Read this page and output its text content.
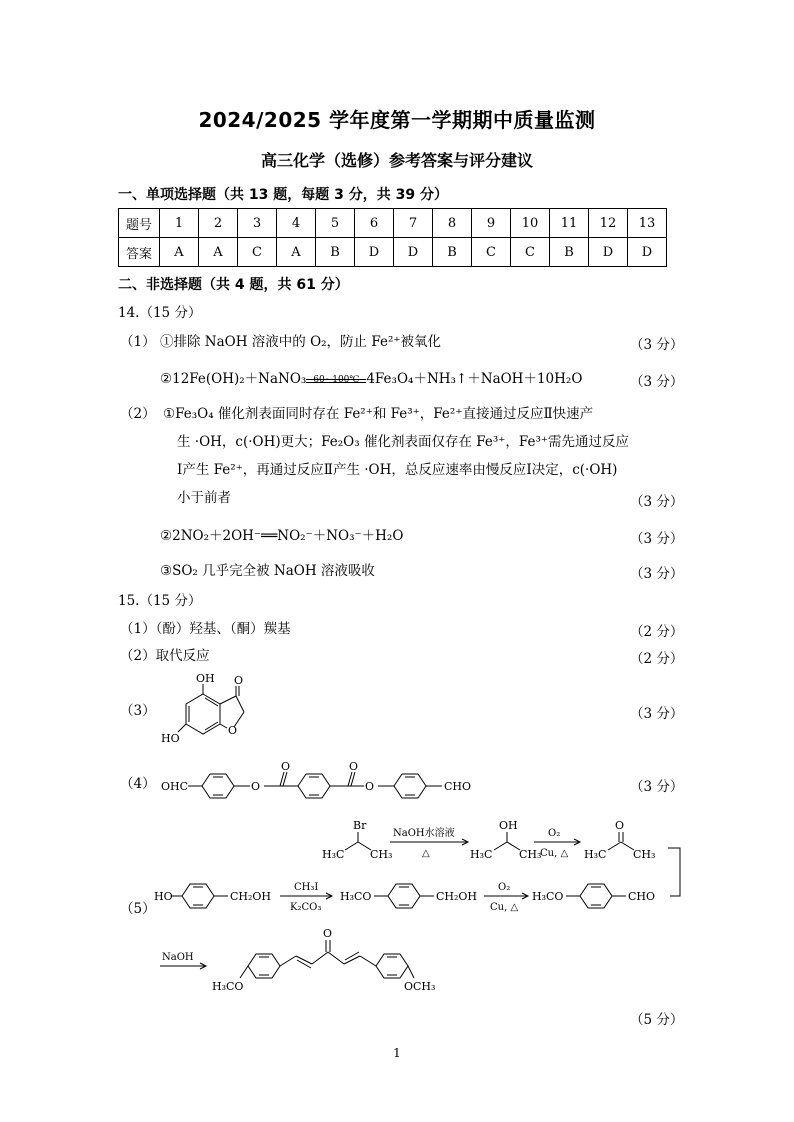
2024/2025 学年度第一学期期中质量监测
高三化学（选修）参考答案与评分建议
一、单项选择题（共 13 题，每题 3 分，共 39 分）
题号	1	2	3	4	5	6	7	8	9	10	11	12	13
答案	A	A	C	A	B	D	D	B	C	C	B	D	D
二、非选择题（共 4 题，共 61 分）
14.（15 分）
（1） ①排除 NaOH 溶液中的 O₂，防止 Fe²⁺被氧化	（3 分）
②12Fe(OH)₂＋NaNO₃ 60~100℃ 4Fe₃O₄＋NH₃↑＋NaOH＋10H₂O	（3 分）
（2） ①Fe₃O₄ 催化剂表面同时存在 Fe²⁺和 Fe³⁺，Fe²⁺直接通过反应Ⅱ快速产
生 ·OH，c(·OH)更大；Fe₂O₃ 催化剂表面仅存在 Fe³⁺，Fe³⁺需先通过反应
Ⅰ产生 Fe²⁺，再通过反应Ⅱ产生 ·OH，总反应速率由慢反应Ⅰ决定，c(·OH)
小于前者	（3 分）
②2NO₂＋2OH⁻══NO₂⁻＋NO₃⁻＋H₂O	（3 分）
③SO₂ 几乎完全被 NaOH 溶液吸收	（3 分）
15.（15 分）
（1）（酚）羟基、（酮）羰基	（2 分）
（2）取代反应	（2 分）
（3）	（3 分）
OH O
O
HO
（4）	（3 分）
OHC	O
O	O
O	CHO
（5）
Br
H₃C CH₃
NaOH水溶液
△
OH
H₃C CH₃
O₂
Cu, △
O
H₃C CH₃
HO	CH₂OH
CH₃I
K₂CO₃
H₃CO	CH₂OH
O₂
Cu, △
H₃CO	CHO
NaOH
O
H₃CO	OCH₃
（5 分）
1
